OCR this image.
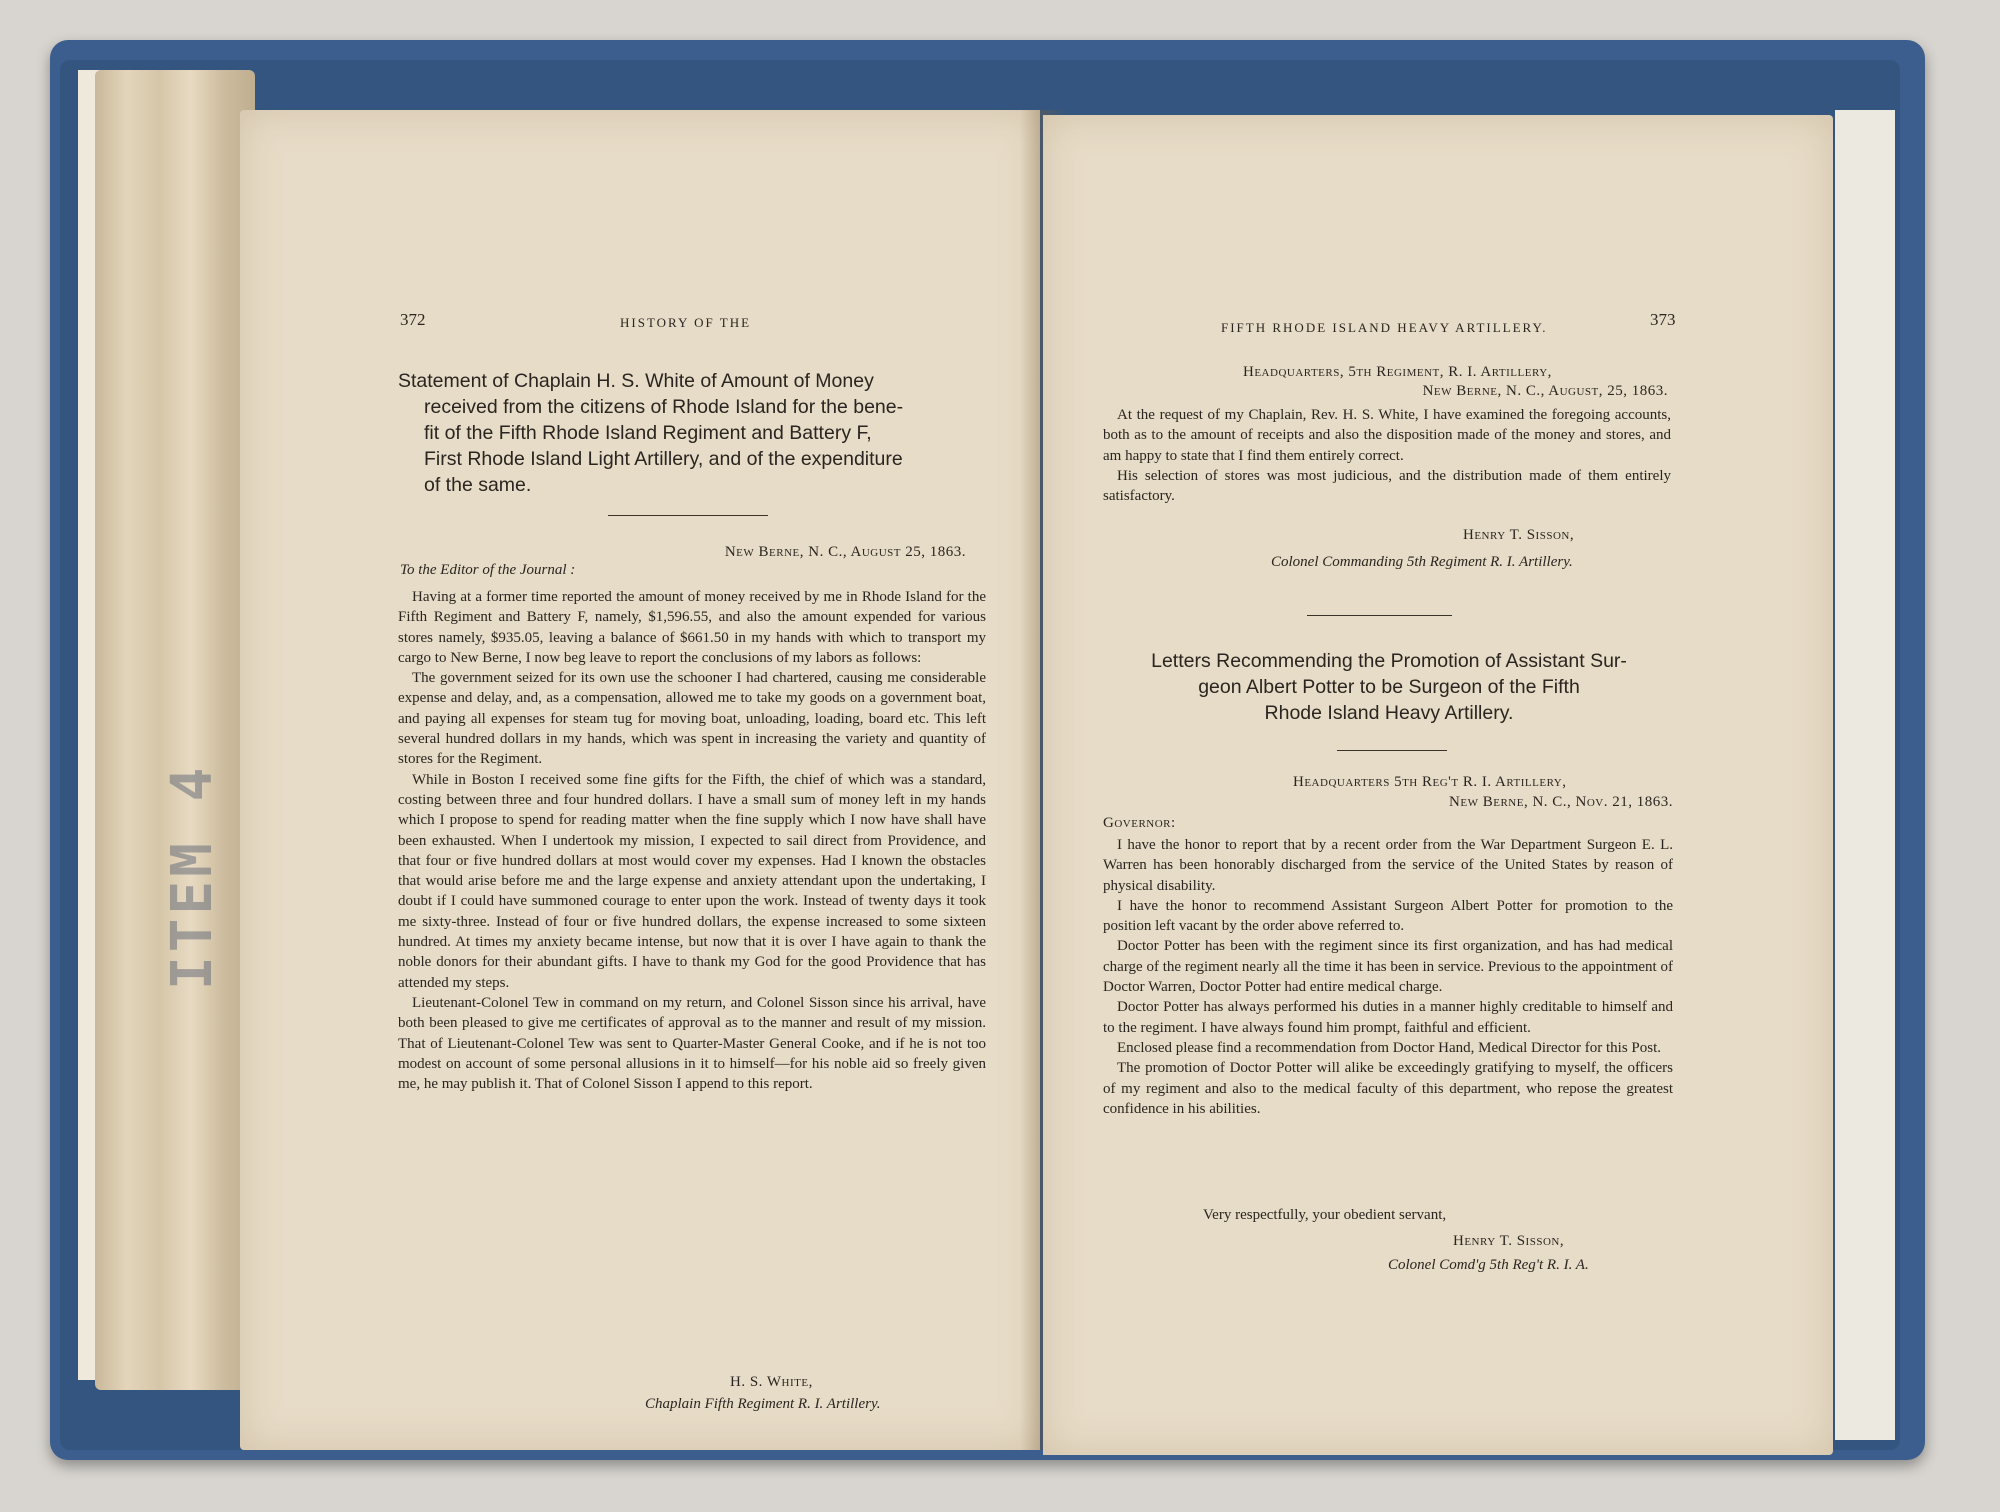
ITEM 4
372	HISTORY OF THE
Statement of Chaplain H. S. White of Amount of Money
received from the citizens of Rhode Island for the bene-
fit of the Fifth Rhode Island Regiment and Battery F,
First Rhode Island Light Artillery, and of the expenditure
of the same.
New Berne, N. C., August 25, 1863.
To the Editor of the Journal :

Having at a former time reported the amount of money received by me in Rhode Island for the Fifth Regiment and Battery F, namely, $1,596.55, and also the amount expended for various stores namely, $935.05, leaving a balance of $661.50 in my hands with which to transport my cargo to New Berne, I now beg leave to report the conclusions of my labors as follows:

The government seized for its own use the schooner I had chartered, causing me considerable expense and delay, and, as a compensation, allowed me to take my goods on a government boat, and paying all expenses for steam tug for moving boat, unloading, loading, board etc. This left several hundred dollars in my hands, which was spent in increasing the variety and quantity of stores for the Regiment.

While in Boston I received some fine gifts for the Fifth, the chief of which was a standard, costing between three and four hundred dollars. I have a small sum of money left in my hands which I propose to spend for reading matter when the fine supply which I now have shall have been exhausted. When I undertook my mission, I expected to sail direct from Providence, and that four or five hundred dollars at most would cover my expenses. Had I known the obstacles that would arise before me and the large expense and anxiety attendant upon the undertaking, I doubt if I could have summoned courage to enter upon the work. Instead of twenty days it took me sixty-three. Instead of four or five hundred dollars, the expense increased to some sixteen hundred. At times my anxiety became intense, but now that it is over I have again to thank the noble donors for their abundant gifts. I have to thank my God for the good Providence that has attended my steps.

Lieutenant-Colonel Tew in command on my return, and Colonel Sisson since his arrival, have both been pleased to give me certificates of approval as to the manner and result of my mission. That of Lieutenant-Colonel Tew was sent to Quarter-Master General Cooke, and if he is not too modest on account of some personal allusions in it to himself—for his noble aid so freely given me, he may publish it. That of Colonel Sisson I append to this report.

H. S. White,
Chaplain Fifth Regiment R. I. Artillery.
FIFTH RHODE ISLAND HEAVY ARTILLERY.	373
Headquarters, 5th Regiment, R. I. Artillery,
New Berne, N. C., August, 25, 1863.

At the request of my Chaplain, Rev. H. S. White, I have examined the foregoing accounts, both as to the amount of receipts and also the disposition made of the money and stores, and am happy to state that I find them entirely correct.

His selection of stores was most judicious, and the distribution made of them entirely satisfactory.

Henry T. Sisson,
Colonel Commanding 5th Regiment R. I. Artillery.
Letters Recommending the Promotion of Assistant Sur-
geon Albert Potter to be Surgeon of the Fifth
Rhode Island Heavy Artillery.
Headquarters 5th Reg't R. I. Artillery,
New Berne, N. C., Nov. 21, 1863.
Governor:

I have the honor to report that by a recent order from the War Department Surgeon E. L. Warren has been honorably discharged from the service of the United States by reason of physical disability.

I have the honor to recommend Assistant Surgeon Albert Potter for promotion to the position left vacant by the order above referred to.

Doctor Potter has been with the regiment since its first organization, and has had medical charge of the regiment nearly all the time it has been in service. Previous to the appointment of Doctor Warren, Doctor Potter had entire medical charge.

Doctor Potter has always performed his duties in a manner highly creditable to himself and to the regiment. I have always found him prompt, faithful and efficient.

Enclosed please find a recommendation from Doctor Hand, Medical Director for this Post.

The promotion of Doctor Potter will alike be exceedingly gratifying to myself, the officers of my regiment and also to the medical faculty of this department, who repose the greatest confidence in his abilities.

Very respectfully, your obedient servant,
Henry T. Sisson,
Colonel Comd'g 5th Reg't R. I. A.
